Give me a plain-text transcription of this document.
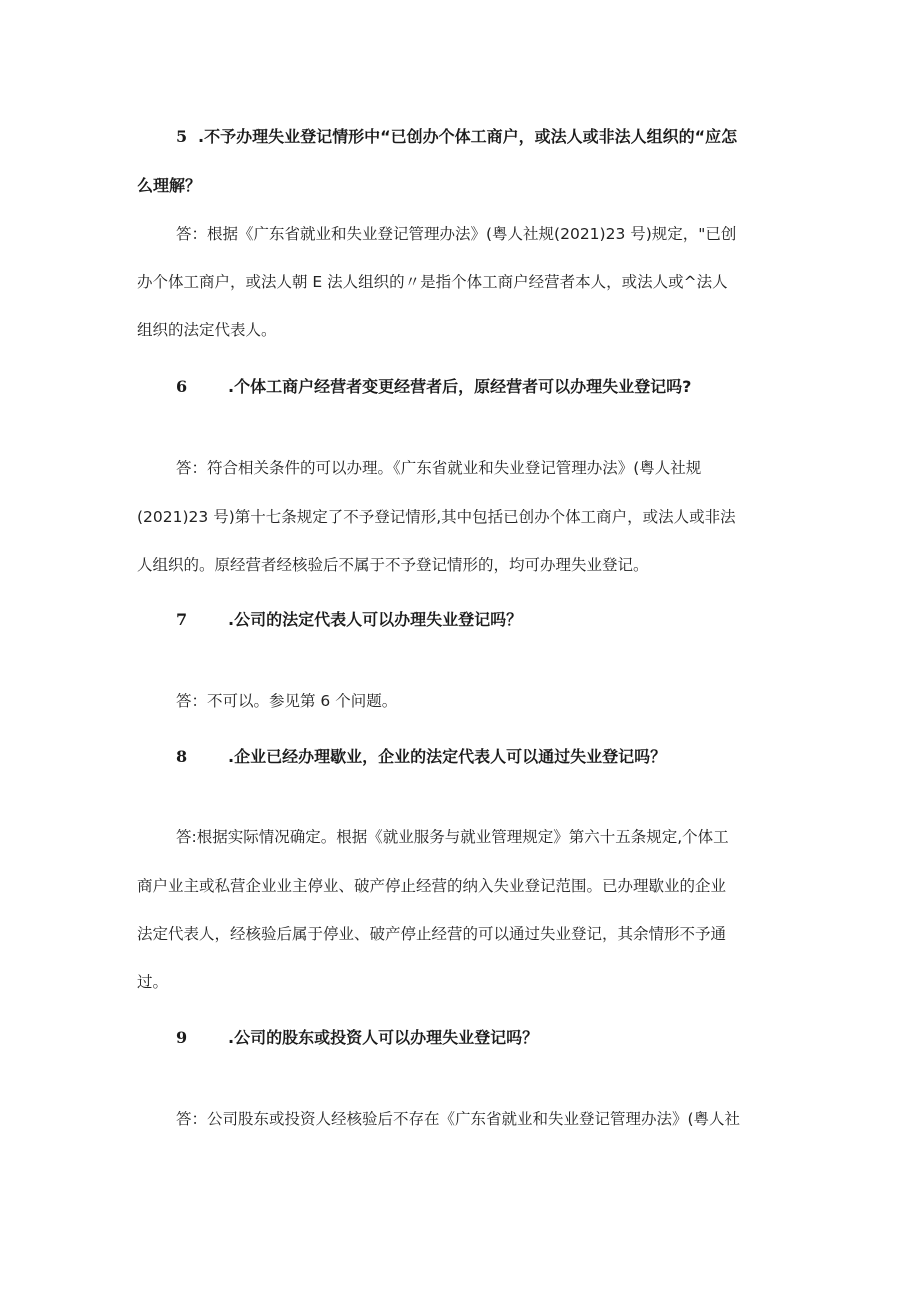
5 .不予办理失业登记情形中“已创办个体工商户，或法人或非法人组织的“应怎
么理解？
答：根据《广东省就业和失业登记管理办法》(粤人社规(2021)23 号)规定，"已创
办个体工商户，或法人朝 E 法人组织的〃是指个体工商户经营者本人，或法人或^法人
组织的法定代表人。
6	.个体工商户经营者变更经营者后，原经营者可以办理失业登记吗?
答：符合相关条件的可以办理。《广东省就业和失业登记管理办法》(粤人社规
(2021)23 号)第十七条规定了不予登记情形,其中包括已创办个体工商户，或法人或非法
人组织的。原经营者经核验后不属于不予登记情形的，均可办理失业登记。
7	.公司的法定代表人可以办理失业登记吗？
答：不可以。参见第 6 个问题。
8	.企业已经办理歇业，企业的法定代表人可以通过失业登记吗？
答:根据实际情况确定。根据《就业服务与就业管理规定》第六十五条规定,个体工
商户业主或私营企业业主停业、破产停止经营的纳入失业登记范围。已办理歇业的企业
法定代表人，经核验后属于停业、破产停止经营的可以通过失业登记，其余情形不予通
过。
9	.公司的股东或投资人可以办理失业登记吗？
答：公司股东或投资人经核验后不存在《广东省就业和失业登记管理办法》(粤人社
